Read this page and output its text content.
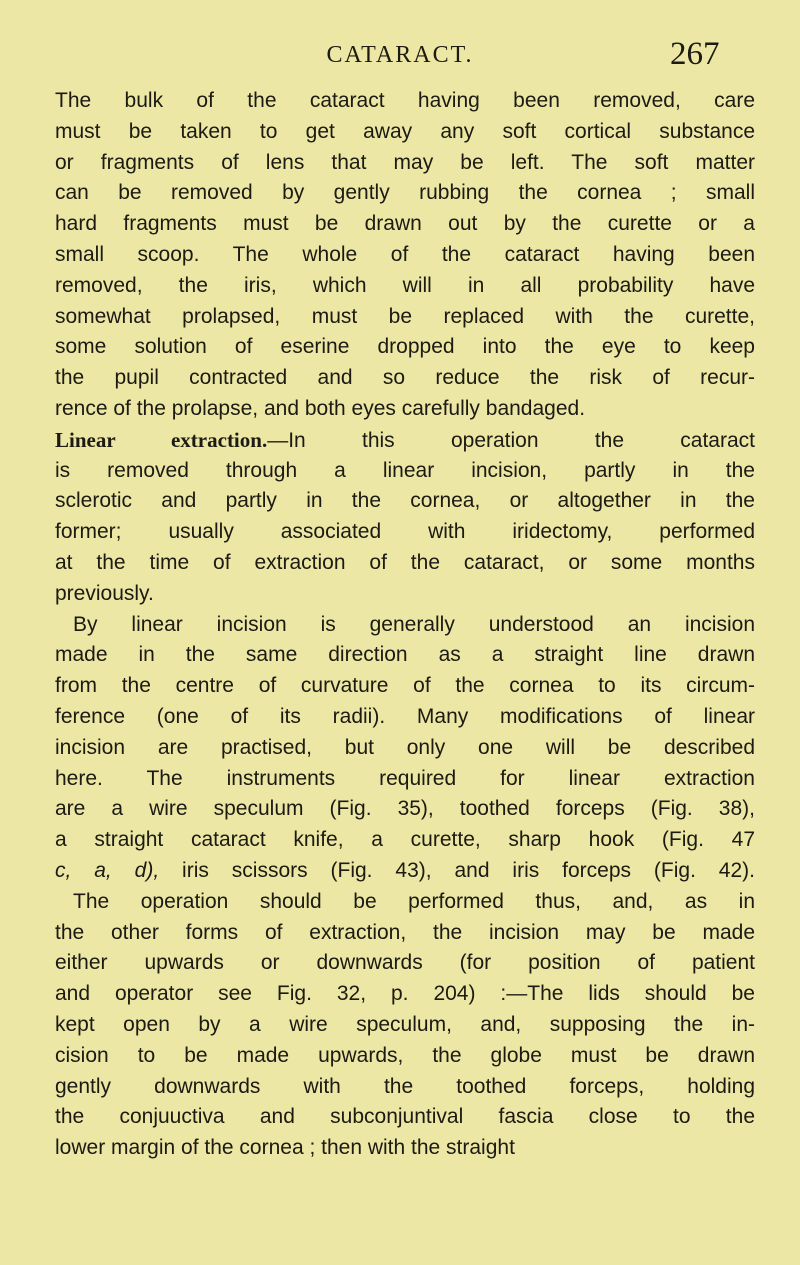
CATARACT.	267
The bulk of the cataract having been removed, care
must be taken to get away any soft cortical substance
or fragments of lens that may be left. The soft matter
can be removed by gently rubbing the cornea ; small
hard fragments must be drawn out by the curette or a
small scoop. The whole of the cataract having been
removed, the iris, which will in all probability have
somewhat prolapsed, must be replaced with the curette,
some solution of eserine dropped into the eye to keep
the pupil contracted and so reduce the risk of recur-
rence of the prolapse, and both eyes carefully bandaged.
Linear extraction.—In this operation the cataract
is removed through a linear incision, partly in the
sclerotic and partly in the cornea, or altogether in the
former; usually associated with iridectomy, performed
at the time of extraction of the cataract, or some months
previously.
By linear incision is generally understood an incision
made in the same direction as a straight line drawn
from the centre of curvature of the cornea to its circum-
ference (one of its radii). Many modifications of linear
incision are practised, but only one will be described
here. The instruments required for linear extraction
are a wire speculum (Fig. 35), toothed forceps (Fig. 38),
a straight cataract knife, a curette, sharp hook (Fig. 47
c, a, d), iris scissors (Fig. 43), and iris forceps (Fig. 42).
The operation should be performed thus, and, as in
the other forms of extraction, the incision may be made
either upwards or downwards (for position of patient
and operator see Fig. 32, p. 204) :—The lids should be
kept open by a wire speculum, and, supposing the in-
cision to be made upwards, the globe must be drawn
gently downwards with the toothed forceps, holding
the conjuuctiva and subconjuntival fascia close to the
lower margin of the cornea ; then with the straight
